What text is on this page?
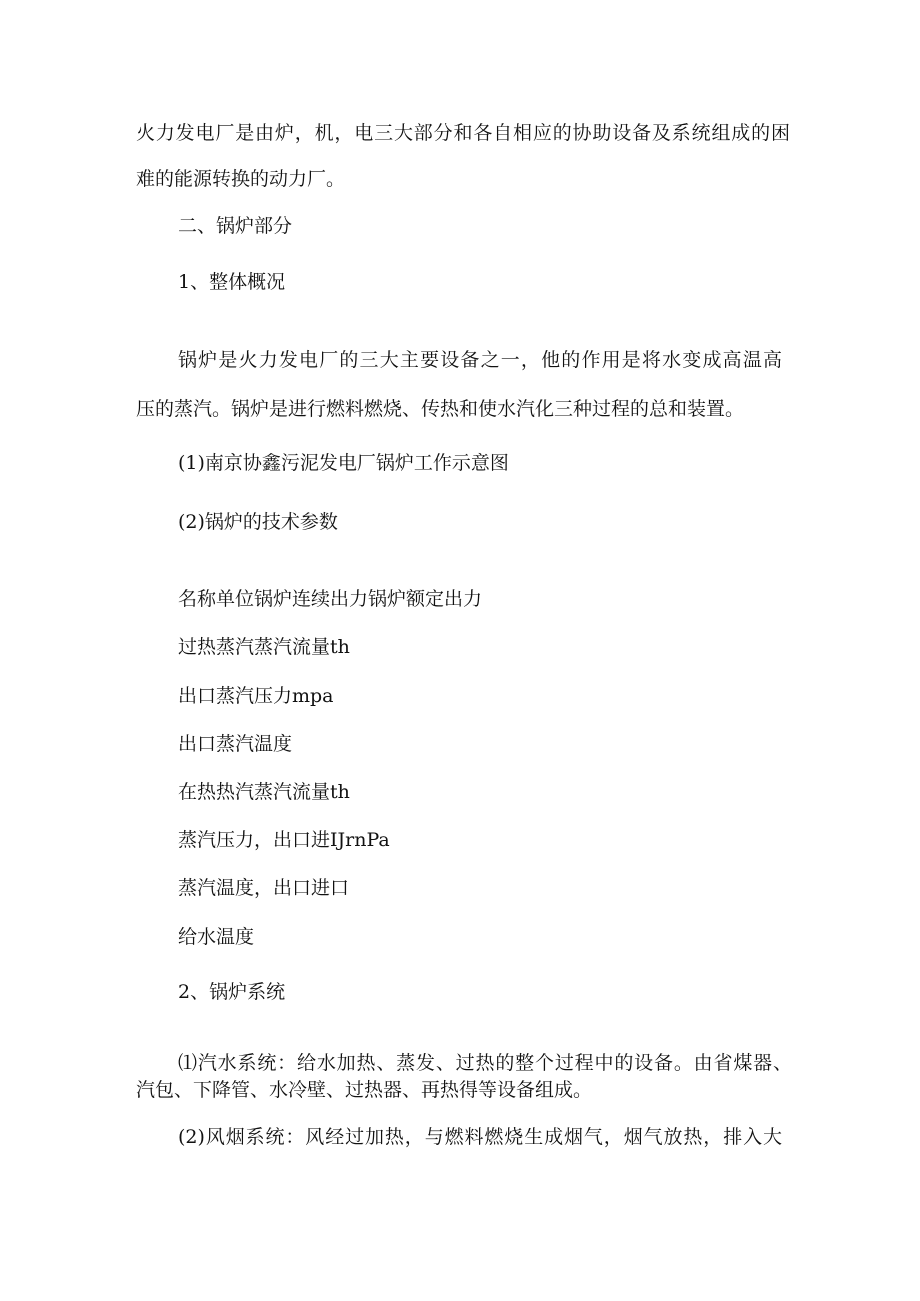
火力发电厂是由炉，机，电三大部分和各自相应的协助设备及系统组成的困
难的能源转换的动力厂。
二、锅炉部分
1、整体概况
锅炉是火力发电厂的三大主要设备之一，他的作用是将水变成高温高
压的蒸汽。锅炉是进行燃料燃烧、传热和使水汽化三种过程的总和装置。
(1)南京协鑫污泥发电厂锅炉工作示意图
(2)锅炉的技术参数
名称单位锅炉连续出力锅炉额定出力
过热蒸汽蒸汽流量th
出口蒸汽压力mpa
出口蒸汽温度
在热热汽蒸汽流量th
蒸汽压力，出口进IJrnPa
蒸汽温度，出口进口
给水温度
2、锅炉系统
⑴汽水系统：给水加热、蒸发、过热的整个过程中的设备。由省煤器、
汽包、下降管、水冷壁、过热器、再热得等设备组成。
(2)风烟系统：风经过加热，与燃料燃烧生成烟气，烟气放热，排入大
